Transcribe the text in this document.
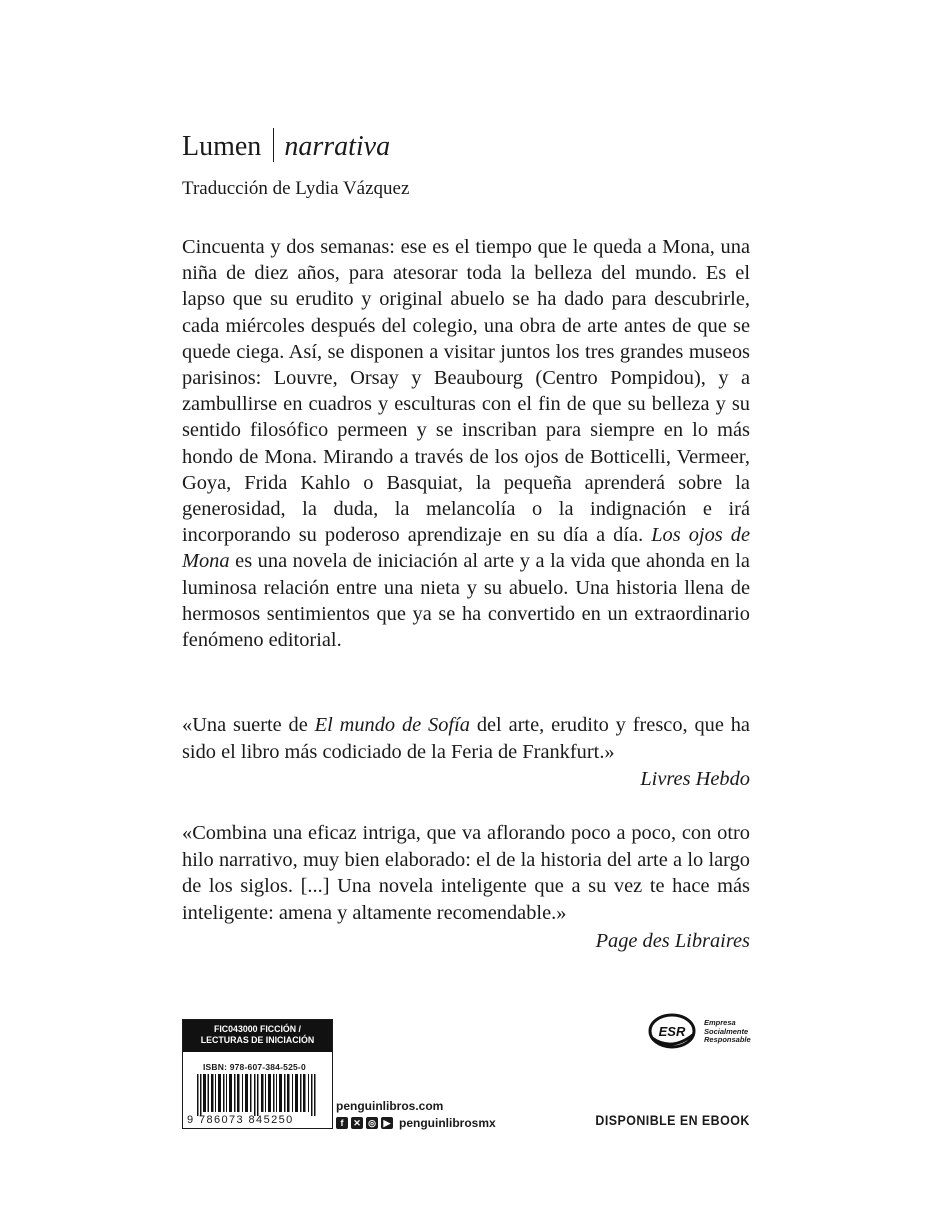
Lumen narrativa
Traducción de Lydia Vázquez

Cincuenta y dos semanas: ese es el tiempo que le queda a Mona, una niña de diez años, para atesorar toda la belleza del mundo. Es el lapso que su erudito y original abuelo se ha dado para descubrirle, cada miércoles después del colegio, una obra de arte antes de que se quede ciega. Así, se disponen a visitar juntos los tres grandes museos parisinos: Louvre, Orsay y Beaubourg (Centro Pompidou), y a zambullirse en cuadros y esculturas con el fin de que su belleza y su sentido filosófico permeen y se inscriban para siempre en lo más hondo de Mona. Mirando a través de los ojos de Botticelli, Vermeer, Goya, Frida Kahlo o Basquiat, la pequeña aprenderá sobre la generosidad, la duda, la melancolía o la indignación e irá incorporando su poderoso aprendizaje en su día a día. Los ojos de Mona es una novela de iniciación al arte y a la vida que ahonda en la luminosa relación entre una nieta y su abuelo. Una historia llena de hermosos sentimientos que ya se ha convertido en un extraordinario fenómeno editorial.

«Una suerte de El mundo de Sofía del arte, erudito y fresco, que ha sido el libro más codiciado de la Feria de Frankfurt.»

Livres Hebdo

«Combina una eficaz intriga, que va aflorando poco a poco, con otro hilo narrativo, muy bien elaborado: el de la historia del arte a lo largo de los siglos. [...] Una novela inteligente que a su vez te hace más inteligente: amena y altamente recomendable.»

Page des Libraires
FIC043000 FICCIÓN / LECTURAS DE INICIACIÓN
ISBN: 978-607-384-525-0
9 786073 845250
penguinlibros.com
f	✕ ◎ ▶ penguinlibrosmx
ESR
Empresa
Socialmente
Responsable
DISPONIBLE EN EBOOK
